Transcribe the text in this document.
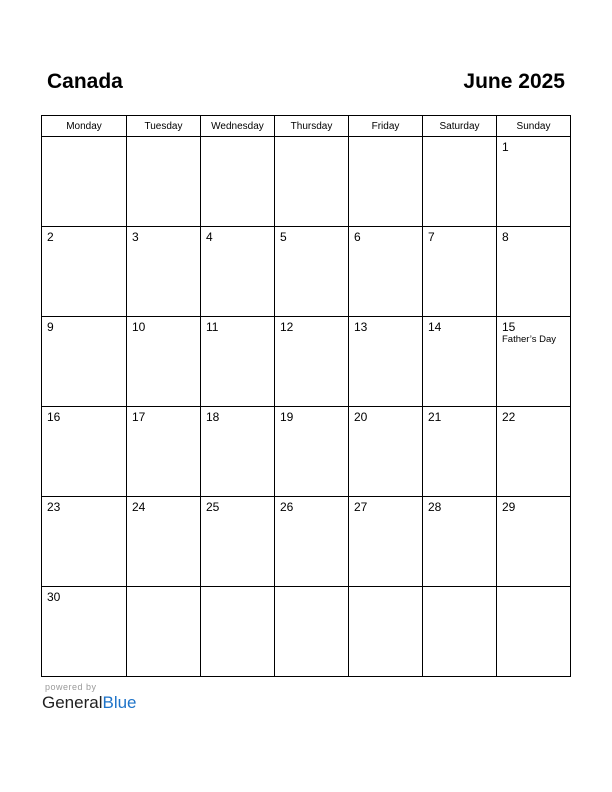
Canada	June 2025
Monday	Tuesday	Wednesday	Thursday	Friday	Saturday	Sunday

						1

2	3	4	5	6	7	8

9	10	11	12	13	14	15
Father’s Day

16	17	18	19	20	21	22

23	24	25	26	27	28	29

30						

powered by
GeneralBlue
